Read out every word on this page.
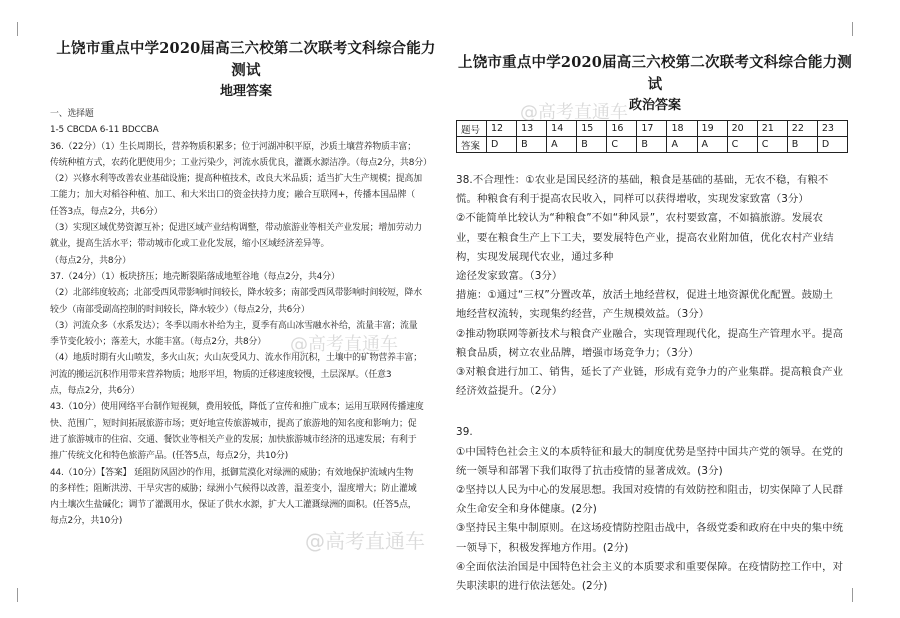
上饶市重点中学2020届高三六校第二次联考文科综合能力测试
地理答案
一、选择题
1-5 CBCDA 6-11 BDCCBA
36.（22分）（1）生长周期长，营养物质积累多；位于河湖冲积平原，沙质土壤营养物质丰富；
传统种植方式，农药化肥使用少；工业污染少，河流水质优良，灌溉水源洁净。（每点2分，共8分）
（2）兴修水利等改善农业基础设施；提高种植技术，改良大米品质；适当扩大生产规模；提高加
工能力；加大对稻谷种植、加工、和大米出口的资金扶持力度；融合互联网+，传播本国品牌（
任答3点，每点2分，共6分）
（3）实现区域优势资源互补；促进区域产业结构调整，带动旅游业等相关产业发展；增加劳动力
就业，提高生活水平；带动城市化或工业化发展，缩小区域经济差异等。
（每点2分，共8分）
37.（24分）（1）板块挤压；地壳断裂陷落成地堑谷地（每点2分，共4分）
（2）北部纬度较高；北部受西风带影响时间较长，降水较多；南部受西风带影响时间较短，降水
较少（南部受副高控制的时间较长，降水较少）（每点2分，共6分）
（3）河流众多（水系发达）；冬季以雨水补给为主，夏季有高山冰雪融水补给，流量丰富；流量
季节变化较小；落差大，水能丰富。（每点2分，共8分）
（4）地质时期有火山喷发，多火山灰；火山灰受风力、流水作用沉积，土壤中的矿物营养丰富；
河流的搬运沉积作用带来营养物质；地形平坦，物质的迁移速度较慢，土层深厚。（任意3
点，每点2分，共6分）
43.（10分）使用网络平台制作短视频，费用较低，降低了宣传和推广成本；运用互联网传播速度
快、范围广，短时间拓展旅游市场；更好地宣传旅游城市，提高了旅游地的知名度和影响力；促
进了旅游城市的住宿、交通、餐饮业等相关产业的发展；加快旅游城市经济的迅速发展；有利于
推广传统文化和特色旅游产品。(任答5点，每点2分，共10分)
44.（10分）【答案】 延阻防风固沙的作用，抵御荒漠化对绿洲的威胁；有效地保护流域内生物
的多样性；阻断洪涝、干旱灾害的威胁；绿洲小气候得以改善，温差变小，湿度增大；防止灌域
内土壤次生盐碱化；调节了灌溉用水，保证了供水水源，扩大人工灌溉绿洲的面积。(任答5点，
每点2分，共10分)
上饶市重点中学2020届高三六校第二次联考文科综合能力测试
政治答案
题号	12	13	14	15	16	17	18	19	20	21	22	23
答案	D	B	A	B	C	B	A	A	C	C	B	D
38.不合理性：①农业是国民经济的基础，粮食是基础的基础，无农不稳，有粮不
慌。种粮食有利于提高农民收入，同样可以获得增收，实现发家致富（3分）
②不能简单比较认为“种粮食”不如“种风景”，农村要致富，不如搞旅游。发展农
业，要在粮食生产上下工夫，要发展特色产业，提高农业附加值，优化农村产业结构，实现发展现代农业，通过多种
途径发家致富。（3分）
措施：①通过“三权”分置改革，放活土地经营权，促进土地资源优化配置。鼓励土
地经营权流转，实现集约经营，产生规模效益。（3分）
②推动物联网等新技术与粮食产业融合，实现管理现代化，提高生产管理水平。提高
粮食品质，树立农业品牌，增强市场竞争力；（3分）
③对粮食进行加工、销售，延长了产业链，形成有竞争力的产业集群。提高粮食产业
经济效益提升。（2分）
39.
①中国特色社会主义的本质特征和最大的制度优势是坚持中国共产党的领导。在党的
统一领导和部署下我们取得了抗击疫情的显著成效。(3分)
②坚持以人民为中心的发展思想。我国对疫情的有效防控和阻击，切实保障了人民群
众生命安全和身体健康。(2分)
③坚持民主集中制原则。在这场疫情防控阻击战中，各级党委和政府在中央的集中统
一领导下，积极发挥地方作用。(2分)
④全面依法治国是中国特色社会主义的本质要求和重要保障。在疫情防控工作中，对
失职渎职的进行依法惩处。(2分)
@高考直通车
@高考直通车
@高考直通车
